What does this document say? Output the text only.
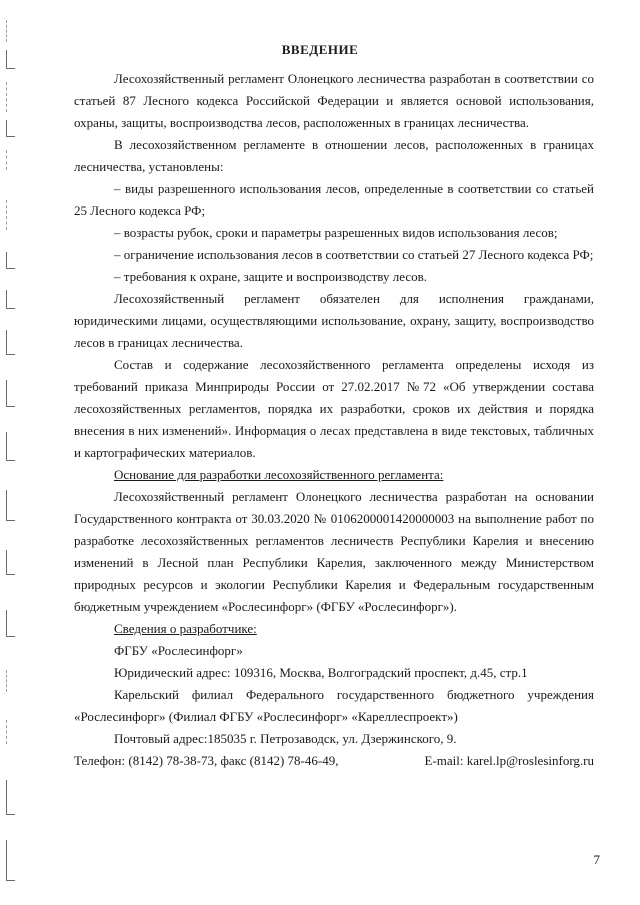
ВВЕДЕНИЕ

Лесохозяйственный регламент Олонецкого лесничества разработан в соответствии со статьей 87 Лесного кодекса Российской Федерации и является основой использования, охраны, защиты, воспроизводства лесов, расположенных в границах лесничества.

В лесохозяйственном регламенте в отношении лесов, расположенных в границах лесничества, установлены:

– виды разрешенного использования лесов, определенные в соответствии со статьей 25 Лесного кодекса РФ;

– возрасты рубок, сроки и параметры разрешенных видов использования лесов;

– ограничение использования лесов в соответствии со статьей 27 Лесного кодекса РФ;

– требования к охране, защите и воспроизводству лесов.

Лесохозяйственный регламент обязателен для исполнения гражданами, юридическими лицами, осуществляющими использование, охрану, защиту, воспроизводство лесов в границах лесничества.

Состав и содержание лесохозяйственного регламента определены исходя из требований приказа Минприроды России от 27.02.2017 №72 «Об утверждении состава лесохозяйственных регламентов, порядка их разработки, сроков их действия и порядка внесения в них изменений». Информация о лесах представлена в виде текстовых, табличных и картографических материалов.

Основание для разработки лесохозяйственного регламента:

Лесохозяйственный регламент Олонецкого лесничества разработан на основании Государственного контракта от 30.03.2020 № 0106200001420000003 на выполнение работ по разработке лесохозяйственных регламентов лесничеств Республики Карелия и внесению изменений в Лесной план Республики Карелия, заключенного между Министерством природных ресурсов и экологии Республики Карелия и Федеральным государственным бюджетным учреждением «Рослесинфорг» (ФГБУ «Рослесинфорг»).

Сведения о разработчике:

ФГБУ «Рослесинфорг»

Юридический адрес: 109316, Москва, Волгоградский проспект, д.45, стр.1

Карельский филиал Федерального государственного бюджетного учреждения «Рослесинфорг» (Филиал ФГБУ «Рослесинфорг» «Кареллеспроект»)

Почтовый адрес:185035 г. Петрозаводск, ул. Дзержинского, 9.

Телефон: (8142) 78-38-73, факс (8142) 78-46-49,	E-mail: karel.lp@roslesinforg.ru

7
